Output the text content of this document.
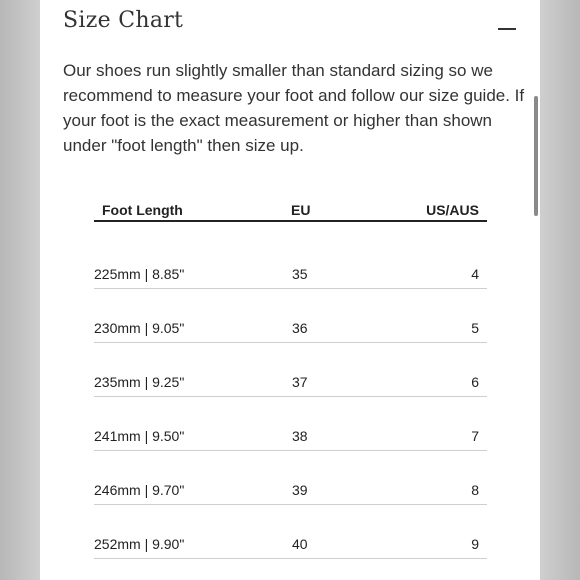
Size Chart
Our shoes run slightly smaller than standard sizing so we recommend to measure your foot and follow our size guide. If your foot is the exact measurement or higher than shown under "foot length" then size up.
Foot Length	EU	US/AUS
225mm | 8.85"	35	4
230mm | 9.05"	36	5
235mm | 9.25"	37	6
241mm | 9.50"	38	7
246mm | 9.70"	39	8
252mm | 9.90"	40	9
